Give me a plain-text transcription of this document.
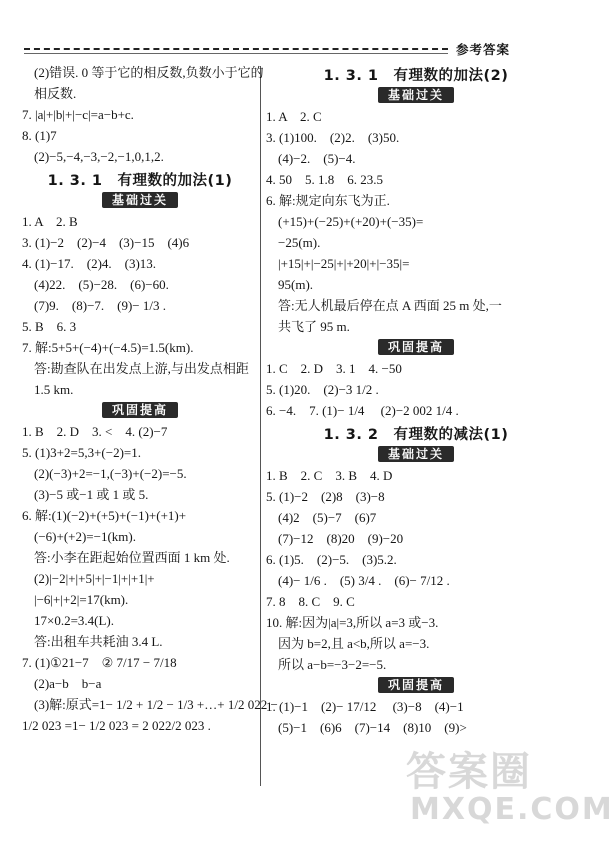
参考答案
(2)错误. 0 等于它的相反数,负数小于它的
相反数.
7. |a|+|b|+|−c|=a−b+c.
8. (1)7
(2)−5,−4,−3,−2,−1,0,1,2.
1. 3. 1　有理数的加法(1)
基础过关
1. A　2. B
3. (1)−2　(2)−4　(3)−15　(4)6
4. (1)−17.　(2)4.　(3)13.
(4)22.　(5)−28.　(6)−60.
(7)9.　(8)−7.　(9)− 1/3 .
5. B　6. 3
7. 解:5+5+(−4)+(−4.5)=1.5(km).
答:勘查队在出发点上游,与出发点相距
1.5 km.
巩固提高
1. B　2. D　3. <　4. (2)−7
5. (1)3+2=5,3+(−2)=1.
(2)(−3)+2=−1,(−3)+(−2)=−5.
(3)−5 或−1 或 1 或 5.
6. 解:(1)(−2)+(+5)+(−1)+(+1)+
(−6)+(+2)=−1(km).
答:小李在距起始位置西面 1 km 处.
(2)|−2|+|+5|+|−1|+|+1|+
|−6|+|+2|=17(km).
17×0.2=3.4(L).
答:出租车共耗油 3.4 L.
7. (1)①21−7　② 7/17 − 7/18
(2)a−b　b−a
(3)解:原式=1− 1/2 + 1/2 − 1/3 +…+ 1/2 022 −
1/2 023 =1− 1/2 023 = 2 022/2 023 .
1. 3. 1　有理数的加法(2)
基础过关
1. A　2. C
3. (1)100.　(2)2.　(3)50.
(4)−2.　(5)−4.
4. 50　5. 1.8　6. 23.5
6. 解:规定向东飞为正.
(+15)+(−25)+(+20)+(−35)=
−25(m).
|+15|+|−25|+|+20|+|−35|=
95(m).
答:无人机最后停在点 A 西面 25 m 处,一
共飞了 95 m.
巩固提高
1. C　2. D　3. 1　4. −50
5. (1)20.　(2)−3 1/2 .
6. −4.　7. (1)− 1/4 　(2)−2 002 1/4 .
1. 3. 2　有理数的减法(1)
基础过关
1. B　2. C　3. B　4. D
5. (1)−2　(2)8　(3)−8
(4)2　(5)−7　(6)7
(7)−12　(8)20　(9)−20
6. (1)5.　(2)−5.　(3)5.2.
(4)− 1/6 .　(5) 3/4 .　(6)− 7/12 .
7. 8　8. C　9. C
10. 解:因为|a|=3,所以 a=3 或−3.
因为 b=2,且 a<b,所以 a=−3.
所以 a−b=−3−2=−5.
巩固提高
1. (1)−1　(2)− 17/12 　(3)−8　(4)−1
(5)−1　(6)6　(7)−14　(8)10　(9)>
答案圈
MXQE.COM
